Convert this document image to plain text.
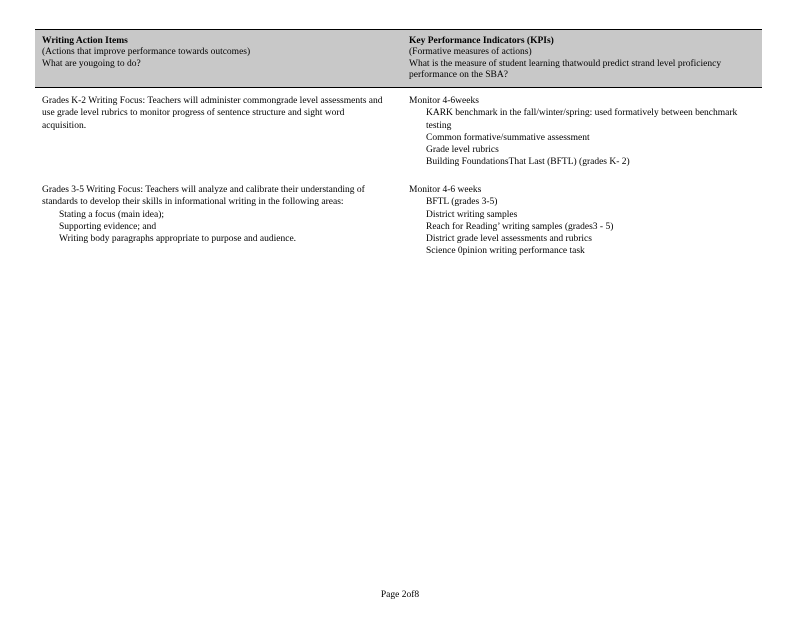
Writing Action Items
(Actions that improve performance towards outcomes)
What are yougoing to do?
Key Performance Indicators (KPIs)
(Formative measures of actions)
What is the measure of student learning thatwould predict strand level proficiency performance on the SBA?
Grades K-2 Writing Focus: Teachers will administer commongrade level assessments and use grade level rubrics to monitor progress of sentence structure and sight word acquisition.
Monitor 4-6weeks
KARK benchmark in the fall/winter/spring: used formatively between benchmark testing
Common formative/summative assessment
Grade level rubrics
Building FoundationsThat Last (BFTL) (grades K- 2)
Grades 3-5 Writing Focus: Teachers will analyze and calibrate their understanding of standards to develop their skills in informational writing in the following areas:
Stating a focus (main idea);
Supporting evidence; and
Writing body paragraphs appropriate to purpose and audience.
Monitor 4-6 weeks
BFTL (grades 3-5)
District writing samples
Reach for Reading’ writing samples (grades3 - 5)
District grade level assessments and rubrics
Science 0pinion writing performance task
Page 2of8
